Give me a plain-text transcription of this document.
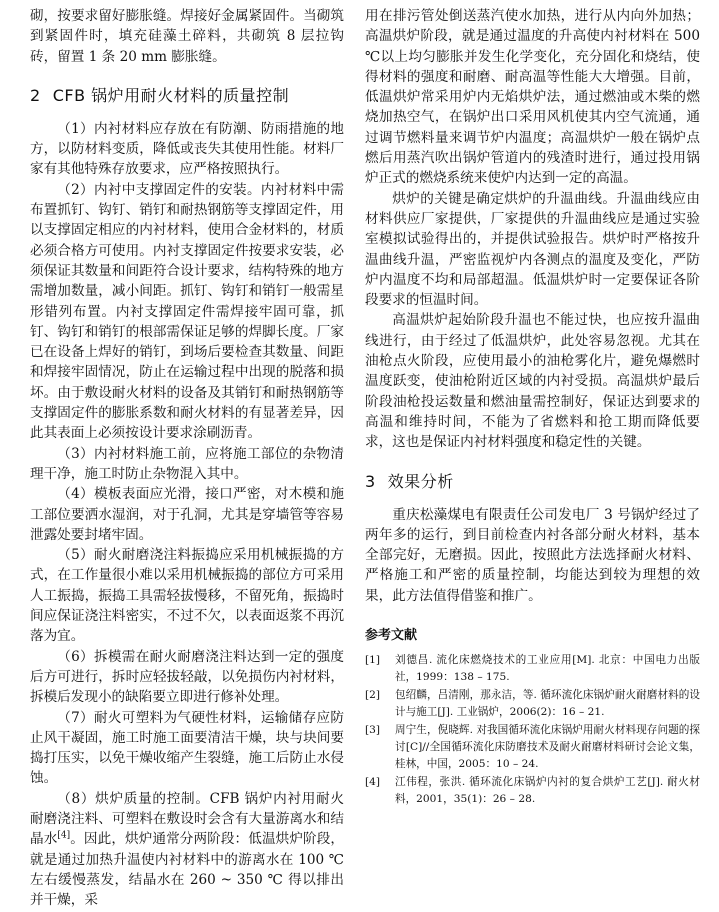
砌，按要求留好膨胀缝。焊接好金属紧固件。当砌筑到紧固件时，填充硅藻土碎料，共砌筑 8 层拉钩砖，留置 1 条 20 mm 膨胀缝。

2 CFB 锅炉用耐火材料的质量控制

（1）内衬材料应存放在有防潮、防雨措施的地方，以防材料变质，降低或丧失其使用性能。材料厂家有其他特殊存放要求，应严格按照执行。

（2）内衬中支撑固定件的安装。内衬材料中需布置抓钉、钩钉、销钉和耐热钢筋等支撑固定件，用以支撑固定相应的内衬材料，使用合金材料的，材质必须合格方可使用。内衬支撑固定件按要求安装，必须保证其数量和间距符合设计要求，结构特殊的地方需增加数量，减小间距。抓钉、钩钉和销钉一般需星形错列布置。内衬支撑固定件需焊接牢固可靠，抓钉、钩钉和销钉的根部需保证足够的焊脚长度。厂家已在设备上焊好的销钉，到场后要检查其数量、间距和焊接牢固情况，防止在运输过程中出现的脱落和损坏。由于敷设耐火材料的设备及其销钉和耐热钢筋等支撑固定件的膨胀系数和耐火材料的有显著差异，因此其表面上必须按设计要求涂刷沥青。

（3）内衬材料施工前，应将施工部位的杂物清理干净，施工时防止杂物混入其中。

（4）模板表面应光滑，接口严密，对木模和施工部位要洒水湿润，对于孔洞，尤其是穿墙管等容易泄露处要封堵牢固。

（5）耐火耐磨浇注料振捣应采用机械振捣的方式，在工作量很小难以采用机械振捣的部位方可采用人工振捣，振捣工具需轻拔慢移，不留死角，振捣时间应保证浇注料密实，不过不欠，以表面返浆不再沉落为宜。

（6）拆模需在耐火耐磨浇注料达到一定的强度后方可进行，拆时应轻拔轻敲，以免损伤内衬材料，拆模后发现小的缺陷要立即进行修补处理。

（7）耐火可塑料为气硬性材料，运输储存应防止风干凝固，施工时施工面要清洁干燥，块与块间要捣打压实，以免干燥收缩产生裂缝，施工后防止水侵蚀。

（8）烘炉质量的控制。CFB 锅炉内衬用耐火耐磨浇注料、可塑料在敷设时会含有大量游离水和结晶水[4]。因此，烘炉通常分两阶段：低温烘炉阶段，就是通过加热升温使内衬材料中的游离水在 100 ℃左右缓慢蒸发，结晶水在 260 ~ 350 ℃ 得以排出并干燥，采

用在排污管处倒送蒸汽使水加热，进行从内向外加热；高温烘炉阶段，就是通过温度的升高使内衬材料在 500 ℃以上均匀膨胀并发生化学变化，充分固化和烧结，使得材料的强度和耐磨、耐高温等性能大大增强。目前，低温烘炉常采用炉内无焰烘炉法，通过燃油或木柴的燃烧加热空气，在锅炉出口采用风机使其内空气流通，通过调节燃料量来调节炉内温度；高温烘炉一般在锅炉点燃后用蒸汽吹出锅炉管道内的残渣时进行，通过投用锅炉正式的燃烧系统来使炉内达到一定的高温。

烘炉的关键是确定烘炉的升温曲线。升温曲线应由材料供应厂家提供，厂家提供的升温曲线应是通过实验室模拟试验得出的，并提供试验报告。烘炉时严格按升温曲线升温，严密监视炉内各测点的温度及变化，严防炉内温度不均和局部超温。低温烘炉时一定要保证各阶段要求的恒温时间。

高温烘炉起始阶段升温也不能过快，也应按升温曲线进行，由于经过了低温烘炉，此处容易忽视。尤其在油枪点火阶段，应使用最小的油枪雾化片，避免爆燃时温度跃变，使油枪附近区域的内衬受损。高温烘炉最后阶段油枪投运数量和燃油量需控制好，保证达到要求的高温和维持时间，不能为了省燃料和抢工期而降低要求，这也是保证内衬材料强度和稳定性的关键。

3 效果分析

重庆松藻煤电有限责任公司发电厂 3 号锅炉经过了两年多的运行，到目前检查内衬各部分耐火材料，基本全部完好，无磨损。因此，按照此方法选择耐火材料、严格施工和严密的质量控制，均能达到较为理想的效果，此方法值得借鉴和推广。

参考文献
[1]	刘德昌. 流化床燃烧技术的工业应用[M]. 北京：中国电力出版社，1999：138 – 175.
[2]	包绍麟，吕清刚，那永洁，等. 循环流化床锅炉耐火耐磨材料的设计与施工[J]. 工业锅炉，2006(2)：16 – 21.
[3]	周宁生，倪晓辉. 对我国循环流化床锅炉用耐火材料现存问题的探讨[C]//全国循环流化床防磨技术及耐火耐磨材料研讨会论文集，桂林，中国，2005：10 – 24.
[4]	江伟程，张洪. 循环流化床锅炉内衬的复合烘炉工艺[J]. 耐火材料，2001，35(1)：26 – 28.
